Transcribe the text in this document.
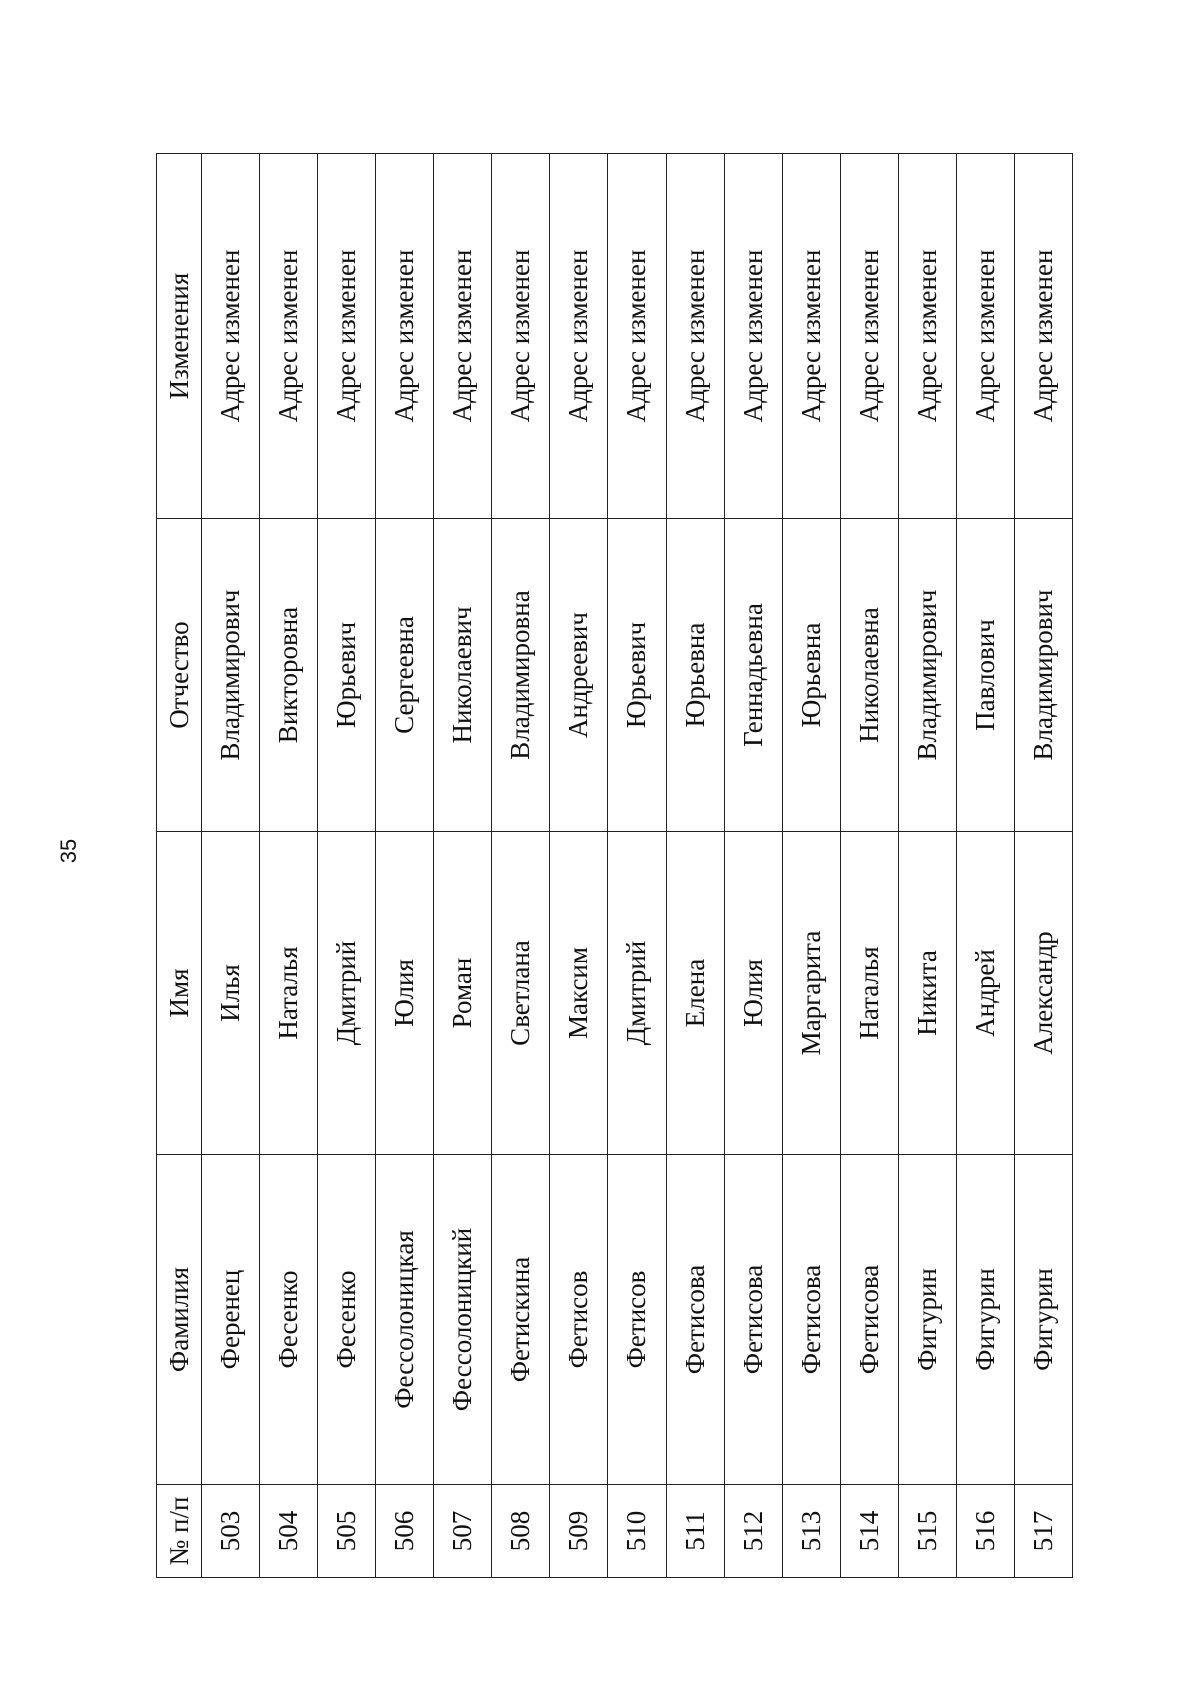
35
№ п/п	Фамилия	Имя	Отчество	Изменения
503	Ференец	Илья	Владимирович	Адрес изменен
504	Фесенко	Наталья	Викторовна	Адрес изменен
505	Фесенко	Дмитрий	Юрьевич	Адрес изменен
506	Фессолоницкая	Юлия	Сергеевна	Адрес изменен
507	Фессолоницкий	Роман	Николаевич	Адрес изменен
508	Фетискина	Светлана	Владимировна	Адрес изменен
509	Фетисов	Максим	Андреевич	Адрес изменен
510	Фетисов	Дмитрий	Юрьевич	Адрес изменен
511	Фетисова	Елена	Юрьевна	Адрес изменен
512	Фетисова	Юлия	Геннадьевна	Адрес изменен
513	Фетисова	Маргарита	Юрьевна	Адрес изменен
514	Фетисова	Наталья	Николаевна	Адрес изменен
515	Фигурин	Никита	Владимирович	Адрес изменен
516	Фигурин	Андрей	Павлович	Адрес изменен
517	Фигурин	Александр	Владимирович	Адрес изменен
